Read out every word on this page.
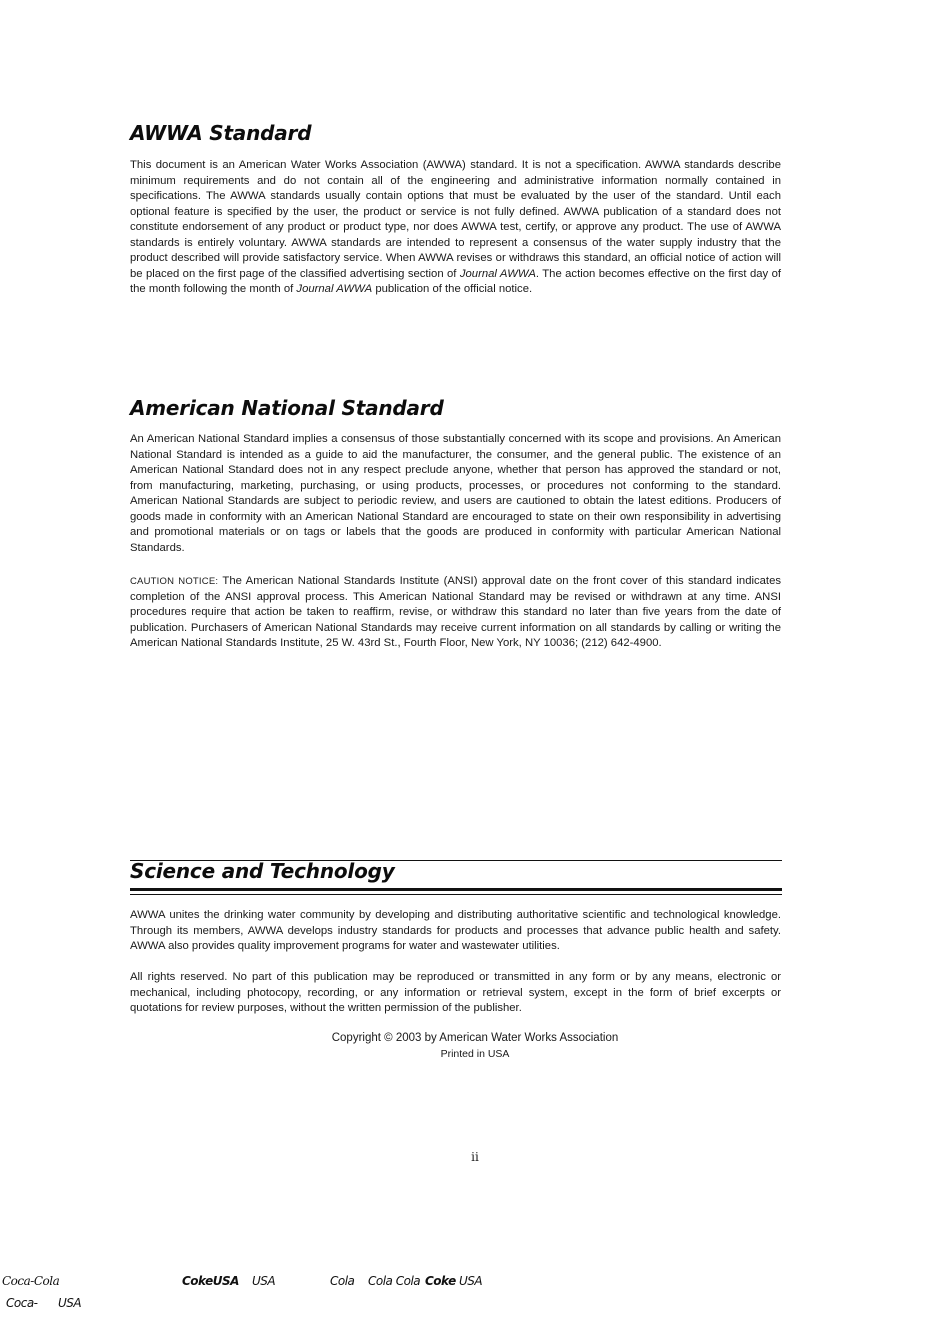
AWWA Standard

This document is an American Water Works Association (AWWA) standard. It is not a specification. AWWA standards describe minimum requirements and do not contain all of the engineering and administrative information normally contained in specifications. The AWWA standards usually contain options that must be evaluated by the user of the standard. Until each optional feature is specified by the user, the product or service is not fully defined. AWWA publication of a standard does not constitute endorsement of any product or product type, nor does AWWA test, certify, or approve any product. The use of AWWA standards is entirely voluntary. AWWA standards are intended to represent a consensus of the water supply industry that the product described will provide satisfactory service. When AWWA revises or withdraws this standard, an official notice of action will be placed on the first page of the classified advertising section of Journal AWWA. The action becomes effective on the first day of the month following the month of Journal AWWA publication of the official notice.

American National Standard

An American National Standard implies a consensus of those substantially concerned with its scope and provisions. An American National Standard is intended as a guide to aid the manufacturer, the consumer, and the general public. The existence of an American National Standard does not in any respect preclude anyone, whether that person has approved the standard or not, from manufacturing, marketing, purchasing, or using products, processes, or procedures not conforming to the standard. American National Standards are subject to periodic review, and users are cautioned to obtain the latest editions. Producers of goods made in conformity with an American National Standard are encouraged to state on their own responsibility in advertising and promotional materials or on tags or labels that the goods are produced in conformity with particular American National Standards.

CAUTION NOTICE: The American National Standards Institute (ANSI) approval date on the front cover of this standard indicates completion of the ANSI approval process. This American National Standard may be revised or withdrawn at any time. ANSI procedures require that action be taken to reaffirm, revise, or withdraw this standard no later than five years from the date of publication. Purchasers of American National Standards may receive current information on all standards by calling or writing the American National Standards Institute, 25 W. 43rd St., Fourth Floor, New York, NY 10036; (212) 642-4900.

Science and Technology

AWWA unites the drinking water community by developing and distributing authoritative scientific and technological knowledge. Through its members, AWWA develops industry standards for products and processes that advance public health and safety. AWWA also provides quality improvement programs for water and wastewater utilities.

All rights reserved. No part of this publication may be reproduced or transmitted in any form or by any means, electronic or mechanical, including photocopy, recording, or any information or retrieval system, except in the form of brief excerpts or quotations for review purposes, without the written permission of the publisher.

Copyright © 2003 by American Water Works Association

Printed in USA

ii

Coca-Cola	CokeUSA USA	Cola Cola Cola Coke USA
Coca- USA
